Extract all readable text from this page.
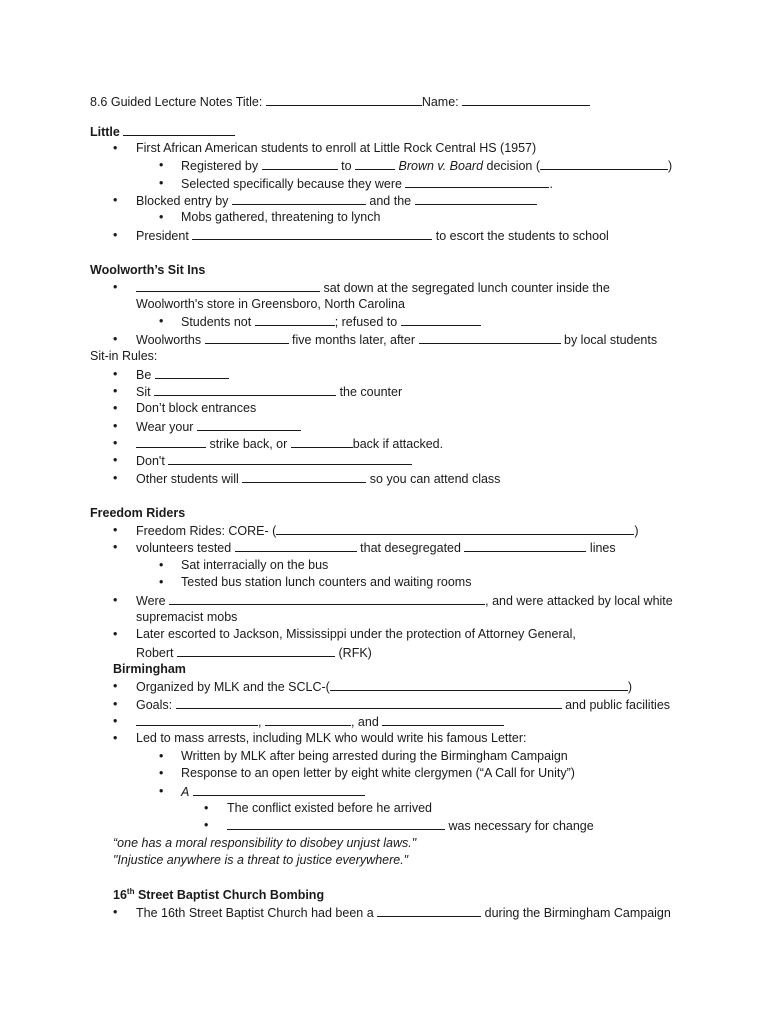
8.6 Guided Lecture Notes Title:	Name:
Little
• First African American students to enroll at Little Rock Central HS (1957)
• Registered by	to	Brown v. Board decision (	)
• Selected specifically because they were	.
• Blocked entry by	and the
• Mobs gathered, threatening to lynch
• President	to escort the students to school
Woolworth’s Sit Ins
•	sat down at the segregated lunch counter inside the
Woolworth's store in Greensboro, North Carolina
• Students not	; refused to
• Woolworths	five months later, after	by local students
Sit-in Rules:
• Be
• Sit	the counter
• Don’t block entrances
• Wear your
•	strike back, or	back if attacked.
• Don't
• Other students will	so you can attend class
Freedom Riders
• Freedom Rides: CORE- (	)
• volunteers tested	that desegregated	lines
• Sat interracially on the bus
• Tested bus station lunch counters and waiting rooms
• Were	, and were attacked by local white
supremacist mobs
• Later escorted to Jackson, Mississippi under the protection of Attorney General,
Robert	(RFK)
Birmingham
• Organized by MLK and the SCLC-(	)
• Goals:	and public facilities
•	,	, and
• Led to mass arrests, including MLK who would write his famous Letter:
• Written by MLK after being arrested during the Birmingham Campaign
• Response to an open letter by eight white clergymen (“A Call for Unity”)
• A
• The conflict existed before he arrived
•	was necessary for change
“one has a moral responsibility to disobey unjust laws."
"Injustice anywhere is a threat to justice everywhere."
16th Street Baptist Church Bombing
• The 16th Street Baptist Church had been a	during the Birmingham Campaign
